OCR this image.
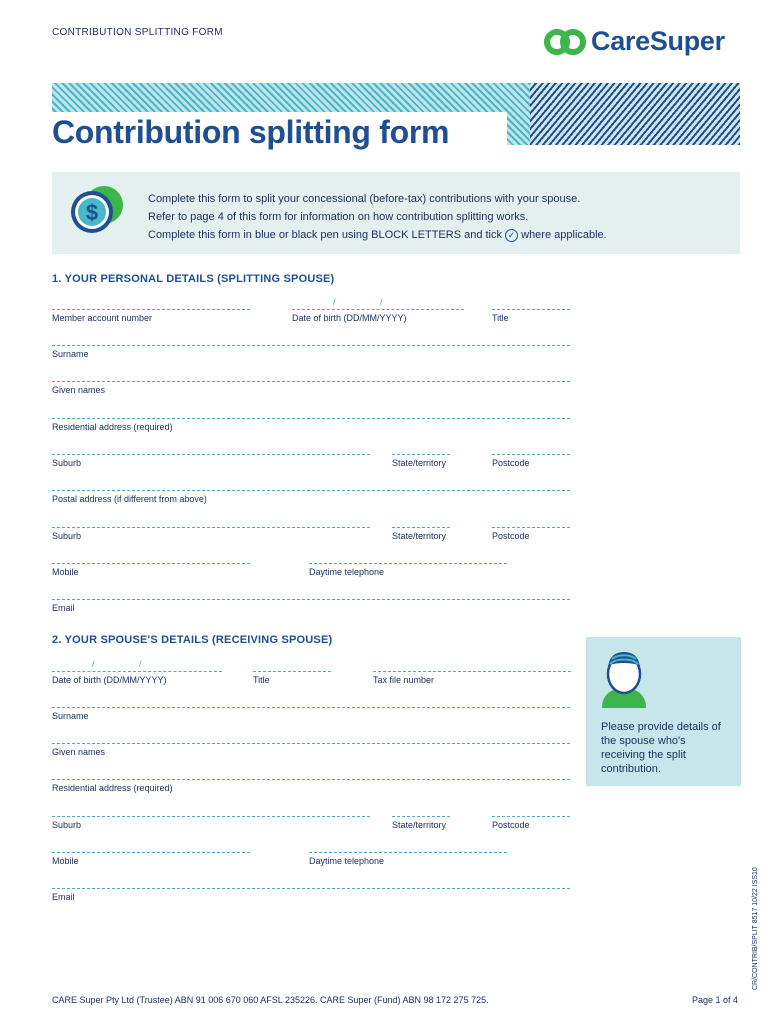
CONTRIBUTION SPLITTING FORM	CareSuper
Contribution splitting form
$
Complete this form to split your concessional (before-tax) contributions with your spouse.
Refer to page 4 of this form for information on how contribution splitting works.
Complete this form in blue or black pen using BLOCK LETTERS and tick ✓ where applicable.
1. YOUR PERSONAL DETAILS (SPLITTING SPOUSE)
/	/
Member account number	Date of birth (DD/MM/YYYY)	Title
Surname
Given names
Residential address (required)
Suburb	State/territory	Postcode
Postal address (if different from above)
Suburb	State/territory	Postcode
Mobile	Daytime telephone
Email
2. YOUR SPOUSE'S DETAILS (RECEIVING SPOUSE)
/	/
Date of birth (DD/MM/YYYY)	Title	Tax file number
Surname
Given names
Residential address (required)
Suburb	State/territory	Postcode
Mobile	Daytime telephone
Email
Please provide details of the spouse who's receiving the split contribution.
CR/CONTRIB/SPLIT 8517 10/22 ISS10
CARE Super Pty Ltd (Trustee) ABN 91 006 670 060 AFSL 235226. CARE Super (Fund) ABN 98 172 275 725.	Page 1 of 4
